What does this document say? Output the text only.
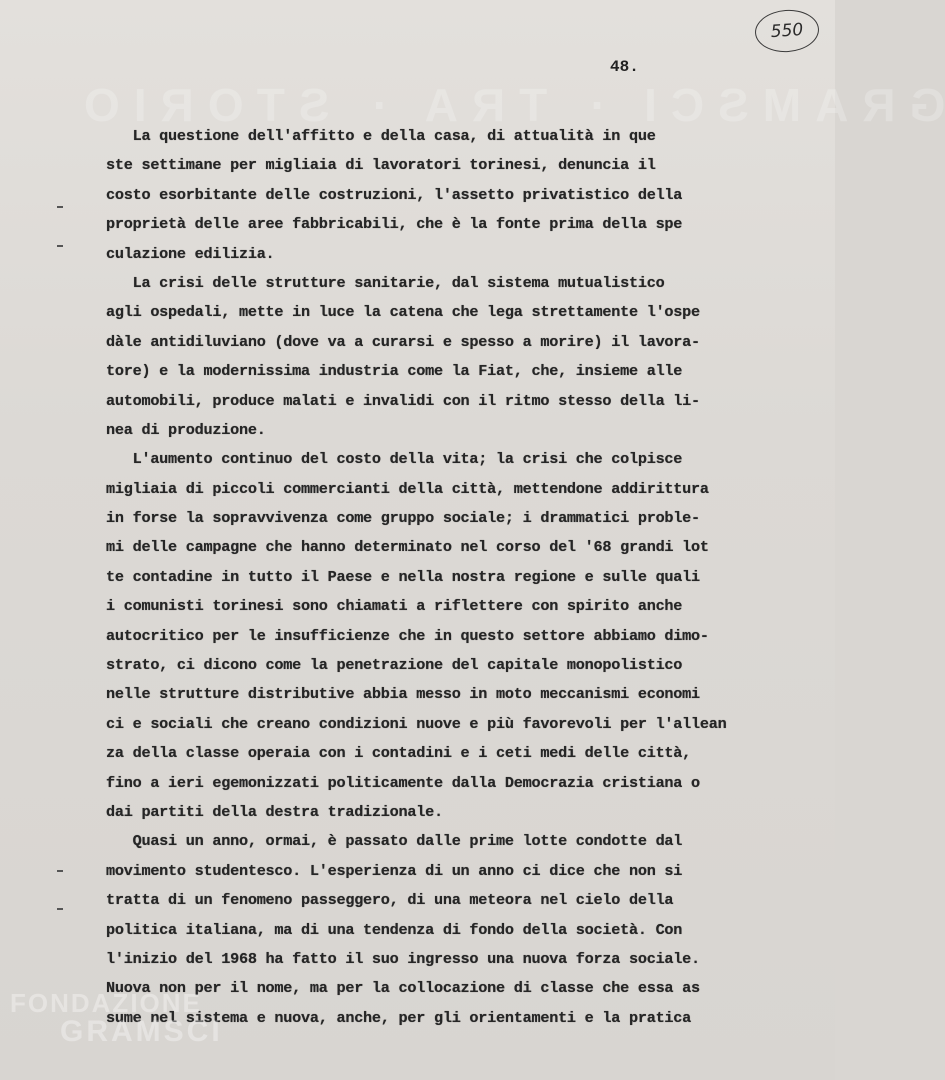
GRAMSCI · TRA · STORIO
550
48.
La questione dell'affitto e della casa, di attualità in que
ste settimane per migliaia di lavoratori torinesi, denuncia il
costo esorbitante delle costruzioni, l'assetto privatistico della
proprietà delle aree fabbricabili, che è la fonte prima della spe
culazione edilizia.
La crisi delle strutture sanitarie, dal sistema mutualistico
agli ospedali, mette in luce la catena che lega strettamente l'ospe
dàle antidiluviano (dove va a curarsi e spesso a morire) il lavora-
tore) e la modernissima industria come la Fiat, che, insieme alle
automobili, produce malati e invalidi con il ritmo stesso della li-
nea di produzione.
L'aumento continuo del costo della vita; la crisi che colpisce
migliaia di piccoli commercianti della città, mettendone addirittura
in forse la sopravvivenza come gruppo sociale; i drammatici proble-
mi delle campagne che hanno determinato nel corso del '68 grandi lot
te contadine in tutto il Paese e nella nostra regione e sulle quali
i comunisti torinesi sono chiamati a riflettere con spirito anche
autocritico per le insufficienze che in questo settore abbiamo dimo-
strato, ci dicono come la penetrazione del capitale monopolistico
nelle strutture distributive abbia messo in moto meccanismi economi
ci e sociali che creano condizioni nuove e più favorevoli per l'allean
za della classe operaia con i contadini e i ceti medi delle città,
fino a ieri egemonizzati politicamente dalla Democrazia cristiana o
dai partiti della destra tradizionale.
Quasi un anno, ormai, è passato dalle prime lotte condotte dal
movimento studentesco. L'esperienza di un anno ci dice che non si
tratta di un fenomeno passeggero, di una meteora nel cielo della
politica italiana, ma di una tendenza di fondo della società. Con
l'inizio del 1968 ha fatto il suo ingresso una nuova forza sociale.
Nuova non per il nome, ma per la collocazione di classe che essa as
sume nel sistema e nuova, anche, per gli orientamenti e la pratica
FONDAZIONE
GRAMSCI
